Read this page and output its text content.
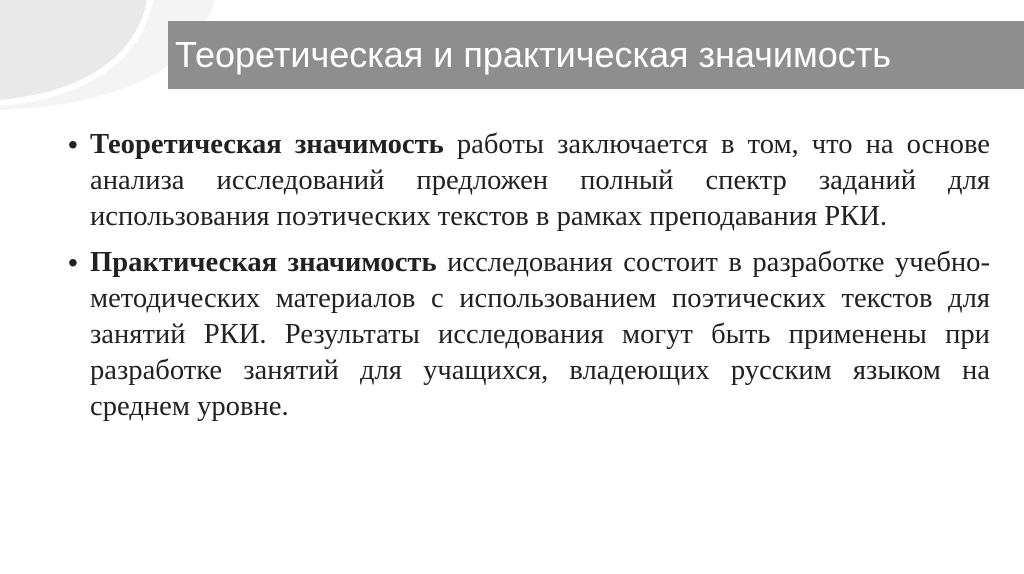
Теоретическая и практическая значимость
• Теоретическая значимость работы заключается в том, что на основе анализа исследований предложен полный спектр заданий для использования поэтических текстов в рамках преподавания РКИ.

• Практическая значимость исследования состоит в разработке учебно-методических материалов с использованием поэтических текстов для занятий РКИ. Результаты исследования могут быть применены при разработке занятий для учащихся, владеющих русским языком на среднем уровне.
